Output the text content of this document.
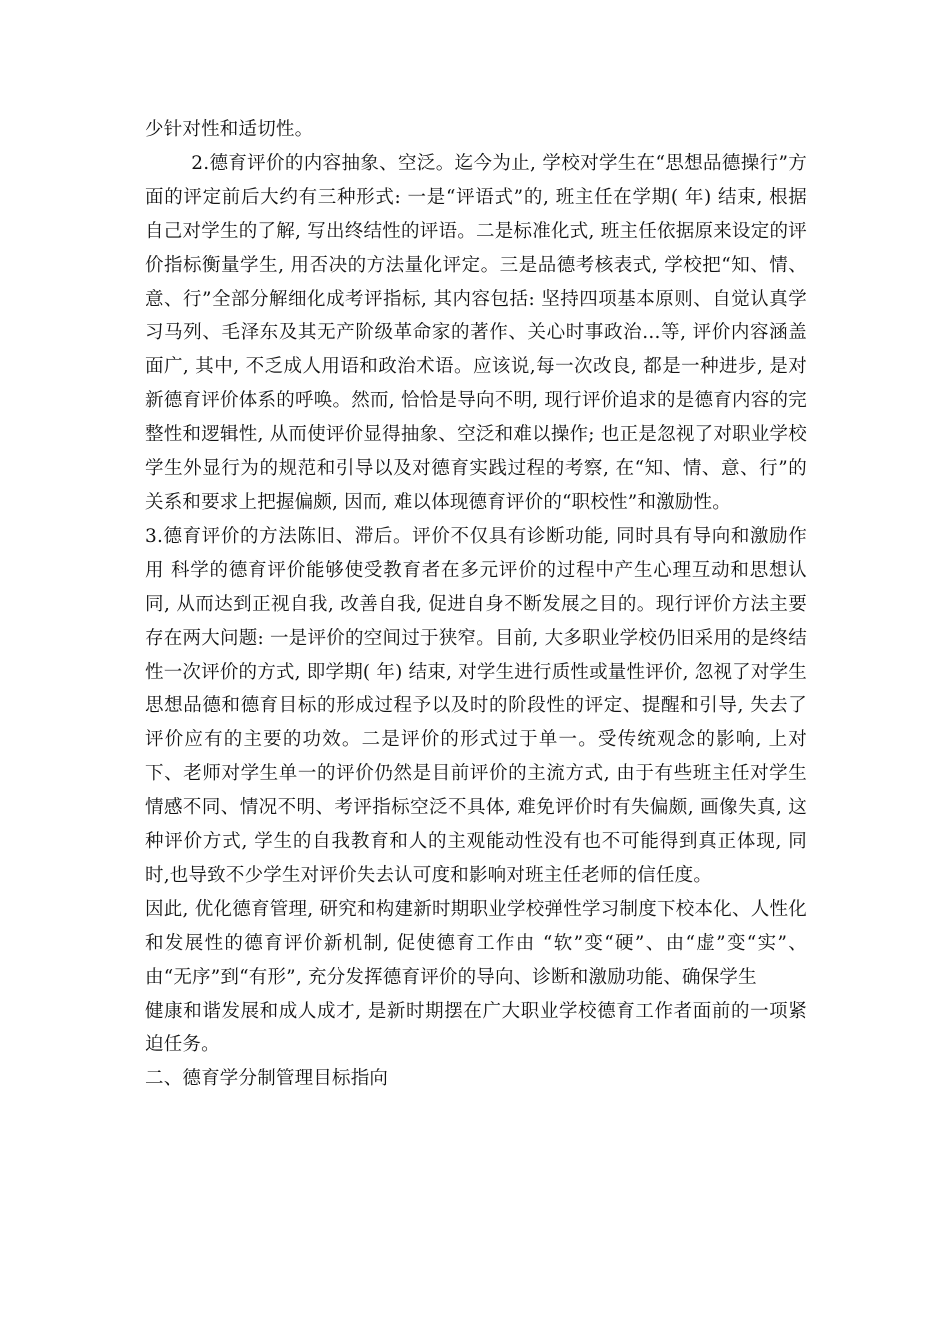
少针对性和适切性。

2.德育评价的内容抽象、空泛。迄今为止, 学校对学生在“思想品德操行”方面的评定前后大约有三种形式: 一是“评语式”的, 班主任在学期( 年) 结束, 根据自己对学生的了解, 写出终结性的评语。二是标准化式, 班主任依据原来设定的评价指标衡量学生, 用否决的方法量化评定。三是品德考核表式, 学校把“知、情、意、行”全部分解细化成考评指标, 其内容包括: 坚持四项基本原则、自觉认真学习马列、毛泽东及其无产阶级革命家的著作、关心时事政治...等, 评价内容涵盖面广, 其中, 不乏成人用语和政治术语。应该说,每一次改良, 都是一种进步, 是对新德育评价体系的呼唤。然而, 恰恰是导向不明, 现行评价追求的是德育内容的完整性和逻辑性, 从而使评价显得抽象、空泛和难以操作; 也正是忽视了对职业学校学生外显行为的规范和引导以及对德育实践过程的考察, 在“知、情、意、行”的关系和要求上把握偏颇, 因而, 难以体现德育评价的“职校性”和激励性。

3.德育评价的方法陈旧、滞后。评价不仅具有诊断功能, 同时具有导向和激励作用 科学的德育评价能够使受教育者在多元评价的过程中产生心理互动和思想认同, 从而达到正视自我, 改善自我, 促进自身不断发展之目的。现行评价方法主要存在两大问题: 一是评价的空间过于狭窄。目前, 大多职业学校仍旧采用的是终结性一次评价的方式, 即学期( 年) 结束, 对学生进行质性或量性评价, 忽视了对学生思想品德和德育目标的形成过程予以及时的阶段性的评定、提醒和引导, 失去了评价应有的主要的功效。二是评价的形式过于单一。受传统观念的影响, 上对下、老师对学生单一的评价仍然是目前评价的主流方式, 由于有些班主任对学生情感不同、情况不明、考评指标空泛不具体, 难免评价时有失偏颇, 画像失真, 这种评价方式, 学生的自我教育和人的主观能动性没有也不可能得到真正体现, 同时,也导致不少学生对评价失去认可度和影响对班主任老师的信任度。

因此, 优化德育管理, 研究和构建新时期职业学校弹性学习制度下校本化、人性化和发展性的德育评价新机制, 促使德育工作由 “软”变“硬”、由“虚”变“实”、由“无序”到“有形”, 充分发挥德育评价的导向、诊断和激励功能、确保学生

健康和谐发展和成人成才, 是新时期摆在广大职业学校德育工作者面前的一项紧迫任务。

二、德育学分制管理目标指向
